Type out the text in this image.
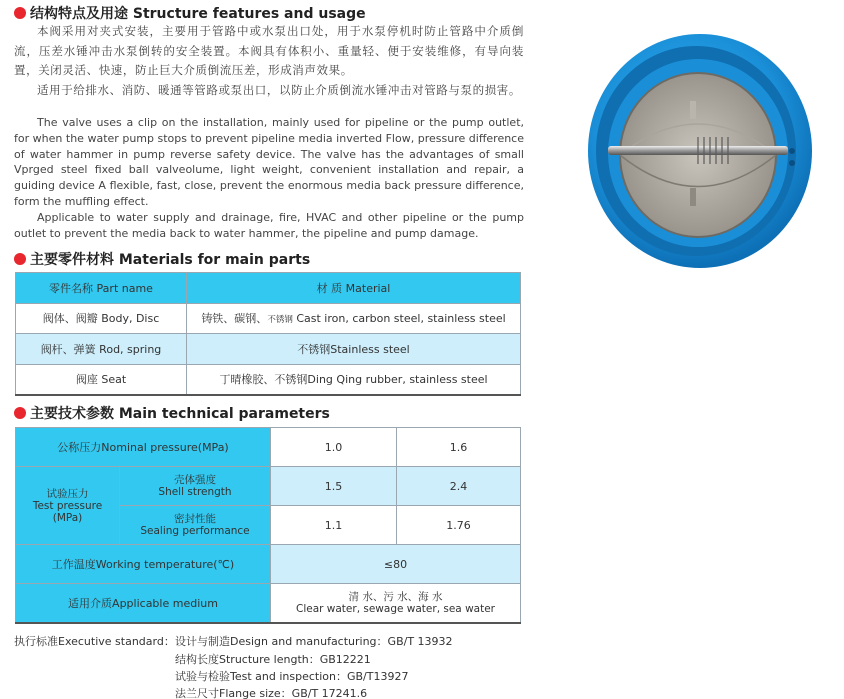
结构特点及用途 Structure features and usage
本阀采用对夹式安装，主要用于管路中或水泵出口处，用于水泵停机时防止管路中介质倒流，压差水锤冲击水泵倒转的安全装置。本阀具有体积小、重量轻、便于安装维修，有导向装置，关闭灵活、快速，防止巨大介质倒流压差，形成消声效果。
适用于给排水、消防、暖通等管路或泵出口，以防止介质倒流水锤冲击对管路与泵的损害。
The valve uses a clip on the installation, mainly used for pipeline or the pump outlet, for when the water pump stops to prevent pipeline media inverted Flow, pressure difference of water hammer in pump reverse safety device. The valve has the advantages of small Vprged steel fixed ball valveolume, light weight, convenient installation and repair, a guiding device A flexible, fast, close, prevent the enormous media back pressure difference, form the muffling effect.
Applicable to water supply and drainage, fire, HVAC and other pipeline or the pump outlet to prevent the media back to water hammer, the pipeline and pump damage.
主要零件材料 Materials for main parts
零件名称 Part name	材 质 Material
阀体、阀瓣 Body, Disc	铸铁、碳钢、不锈钢 Cast iron, carbon steel, stainless steel
阀杆、弹簧 Rod, spring	不锈钢Stainless steel
阀座 Seat	丁晴橡胶、不锈钢Ding Qing rubber, stainless steel
主要技术参数 Main technical parameters
公称压力Nominal pressure(MPa)		1.0	1.6

试验压力
Test pressure
(MPa)	壳体强度
Shell strength	1.5	2.4

	密封性能
Sealing performance	1.1	1.76
工作温度Working temperature(℃)		≤80	
适用介质Applicable medium		清 水、污 水、海 水
Clear water, sewage water, sea water	
执行标准Executive standard： 设计与制造Design and manufacturing：GB/T 13932
结构长度Structure length：GB12221
试验与检验Test and inspection：GB/T13927
法兰尺寸Flange size：GB/T 17241.6
